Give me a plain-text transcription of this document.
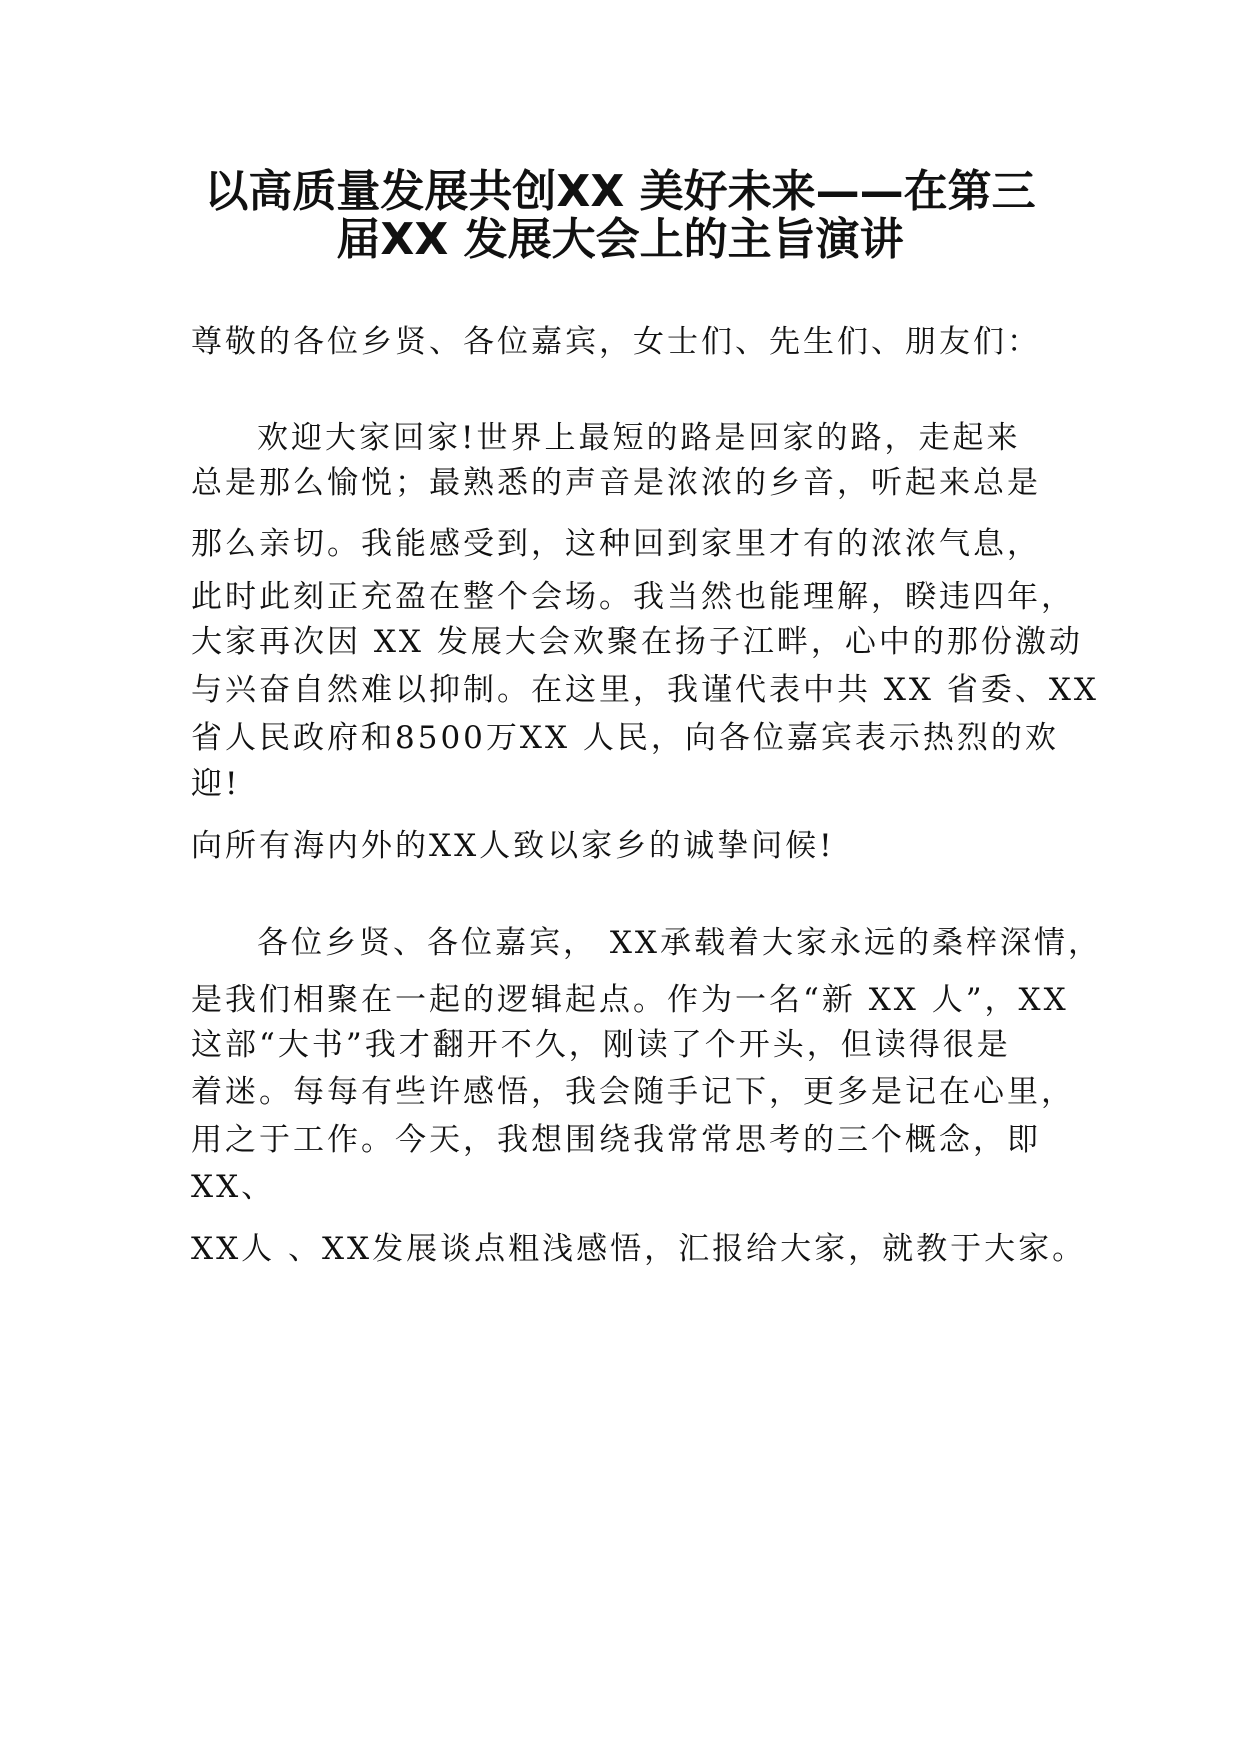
以高质量发展共创XX 美好未来——在第三
届XX 发展大会上的主旨演讲
尊敬的各位乡贤、各位嘉宾，女士们、先生们、朋友们：
欢迎大家回家!世界上最短的路是回家的路，走起来
总是那么愉悦；最熟悉的声音是浓浓的乡音，听起来总是
那么亲切。我能感受到，这种回到家里才有的浓浓气息，
此时此刻正充盈在整个会场。我当然也能理解，睽违四年，
大家再次因 XX 发展大会欢聚在扬子江畔，心中的那份激动
与兴奋自然难以抑制。在这里，我谨代表中共 XX 省委、XX
省人民政府和8500万XX 人民，向各位嘉宾表示热烈的欢
迎!
向所有海内外的XX人致以家乡的诚挚问候!
各位乡贤、各位嘉宾， XX承载着大家永远的桑梓深情，
是我们相聚在一起的逻辑起点。作为一名“新 XX 人”，XX
这部“大书”我才翻开不久，刚读了个开头，但读得很是
着迷。每每有些许感悟，我会随手记下，更多是记在心里，
用之于工作。今天，我想围绕我常常思考的三个概念，即
XX、
XX人 、XX发展谈点粗浅感悟，汇报给大家，就教于大家。
